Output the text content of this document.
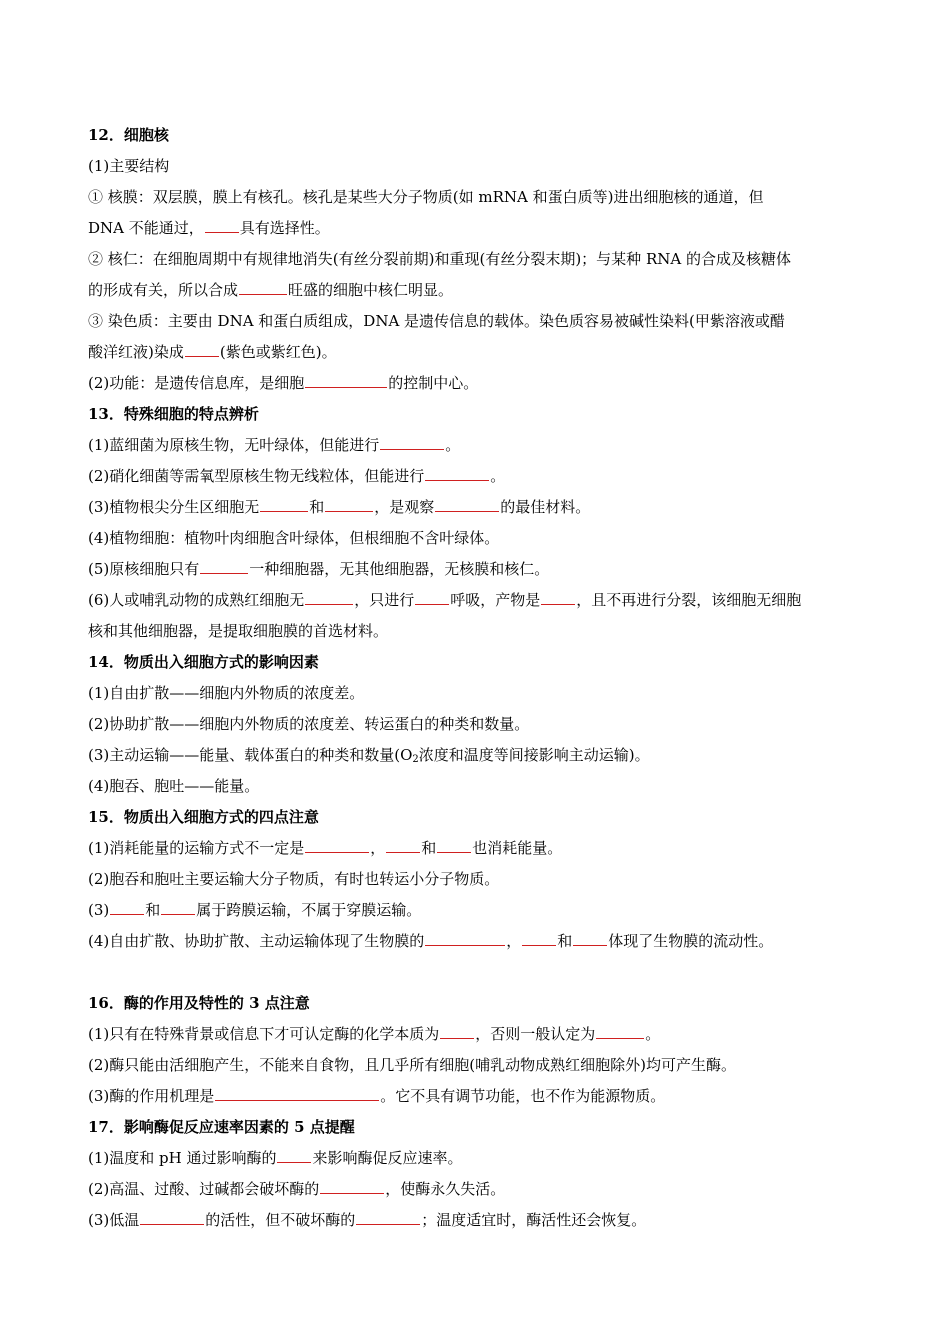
12．细胞核
(1)主要结构
① 核膜：双层膜，膜上有核孔。核孔是某些大分子物质(如 mRNA 和蛋白质等)进出细胞核的通道，但
DNA 不能通过， 具有选择性。
② 核仁：在细胞周期中有规律地消失(有丝分裂前期)和重现(有丝分裂末期)；与某种 RNA 的合成及核糖体
的形成有关，所以合成	旺盛的细胞中核仁明显。
③ 染色质：主要由 DNA 和蛋白质组成，DNA 是遗传信息的载体。染色质容易被碱性染料(甲紫溶液或醋
酸洋红液)染成 (紫色或紫红色)。
(2)功能：是遗传信息库，是细胞	的控制中心。
13．特殊细胞的特点辨析
(1)蓝细菌为原核生物，无叶绿体，但能进行	。
(2)硝化细菌等需氧型原核生物无线粒体，但能进行	。
(3)植物根尖分生区细胞无	和	，是观察	的最佳材料。
(4)植物细胞：植物叶肉细胞含叶绿体，但根细胞不含叶绿体。
(5)原核细胞只有	一种细胞器，无其他细胞器，无核膜和核仁。
(6)人或哺乳动物的成熟红细胞无	，只进行 呼吸，产物是 ，且不再进行分裂，该细胞无细胞
核和其他细胞器，是提取细胞膜的首选材料。
14．物质出入细胞方式的影响因素
(1)自由扩散——细胞内外物质的浓度差。
(2)协助扩散——细胞内外物质的浓度差、转运蛋白的种类和数量。
(3)主动运输——能量、载体蛋白的种类和数量($O_2$浓度和温度等间接影响主动运输)。
(4)胞吞、胞吐——能量。
15．物质出入细胞方式的四点注意
(1)消耗能量的运输方式不一定是	， 和 也消耗能量。
(2)胞吞和胞吐主要运输大分子物质，有时也转运小分子物质。
(3) 和 属于跨膜运输，不属于穿膜运输。
(4)自由扩散、协助扩散、主动运输体现了生物膜的	， 和 体现了生物膜的流动性。
16．酶的作用及特性的 3 点注意
(1)只有在特殊背景或信息下才可认定酶的化学本质为 ，否则一般认定为	。
(2)酶只能由活细胞产生，不能来自食物，且几乎所有细胞(哺乳动物成熟红细胞除外)均可产生酶。
(3)酶的作用机理是	。它不具有调节功能，也不作为能源物质。
17．影响酶促反应速率因素的 5 点提醒
(1)温度和 pH 通过影响酶的 来影响酶促反应速率。
(2)高温、过酸、过碱都会破坏酶的	，使酶永久失活。
(3)低温	的活性，但不破坏酶的	；温度适宜时，酶活性还会恢复。
